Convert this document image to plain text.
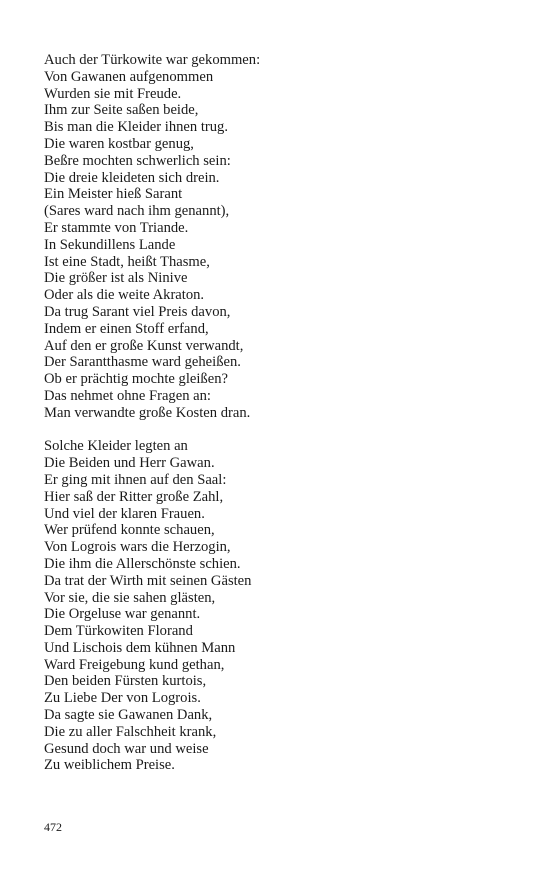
Auch der Türkowite war gekommen:
Von Gawanen aufgenommen
Wurden sie mit Freude.
Ihm zur Seite saßen beide,
Bis man die Kleider ihnen trug.
Die waren kostbar genug,
Beßre mochten schwerlich sein:
Die dreie kleideten sich drein.
Ein Meister hieß Sarant
(Sares ward nach ihm genannt),
Er stammte von Triande.
In Sekundillens Lande
Ist eine Stadt, heißt Thasme,
Die größer ist als Ninive
Oder als die weite Akraton.
Da trug Sarant viel Preis davon,
Indem er einen Stoff erfand,
Auf den er große Kunst verwandt,
Der Sarantthasme ward geheißen.
Ob er prächtig mochte gleißen?
Das nehmet ohne Fragen an:
Man verwandte große Kosten dran.
Solche Kleider legten an
Die Beiden und Herr Gawan.
Er ging mit ihnen auf den Saal:
Hier saß der Ritter große Zahl,
Und viel der klaren Frauen.
Wer prüfend konnte schauen,
Von Logrois wars die Herzogin,
Die ihm die Allerschönste schien.
Da trat der Wirth mit seinen Gästen
Vor sie, die sie sahen glästen,
Die Orgeluse war genannt.
Dem Türkowiten Florand
Und Lischois dem kühnen Mann
Ward Freigebung kund gethan,
Den beiden Fürsten kurtois,
Zu Liebe Der von Logrois.
Da sagte sie Gawanen Dank,
Die zu aller Falschheit krank,
Gesund doch war und weise
Zu weiblichem Preise.
472
